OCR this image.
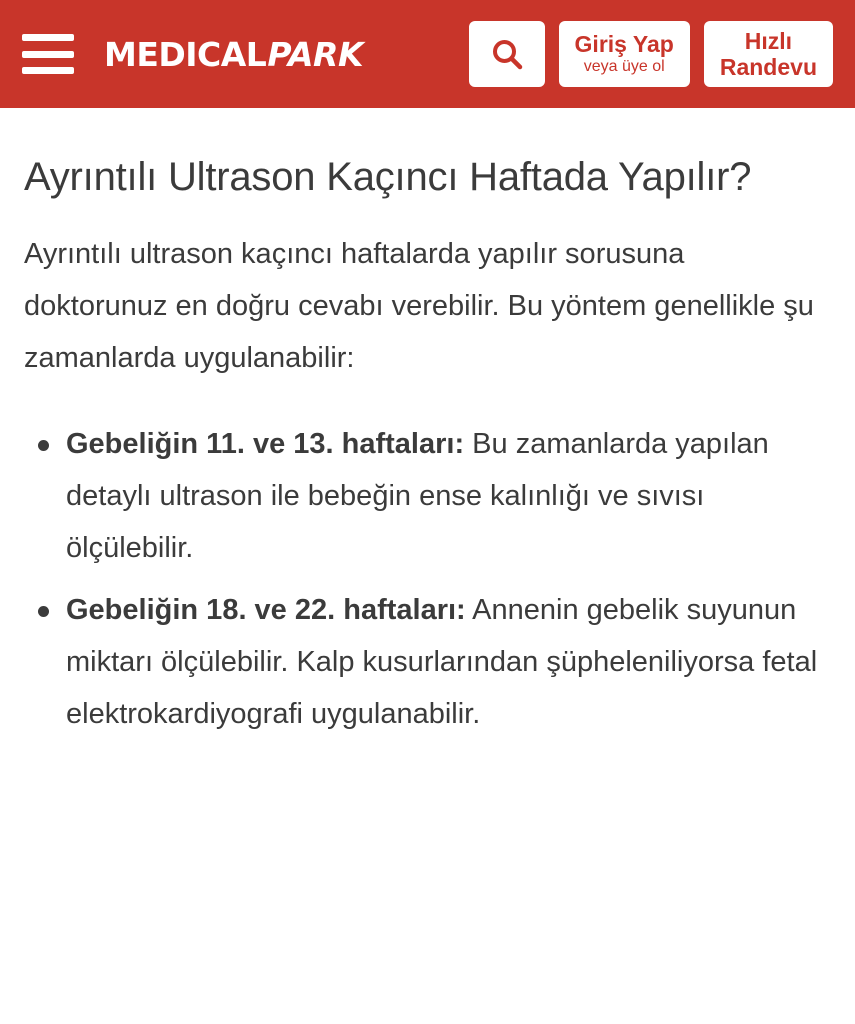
MEDICAL PARK	Giriş Yap
veya üye ol
Hızlı
Randevu
Ayrıntılı Ultrason Kaçıncı Haftada Yapılır?

Ayrıntılı ultrason kaçıncı haftalarda yapılır sorusuna doktorunuz en doğru cevabı verebilir. Bu yöntem genellikle şu zamanlarda uygulanabilir:

Gebeliğin 11. ve 13. haftaları: Bu zamanlarda yapılan detaylı ultrason ile bebeğin ense kalınlığı ve sıvısı ölçülebilir.
Gebeliğin 18. ve 22. haftaları: Annenin gebelik suyunun miktarı ölçülebilir. Kalp kusurlarından şüpheleniliyorsa fetal elektrokardiyografi uygulanabilir.
